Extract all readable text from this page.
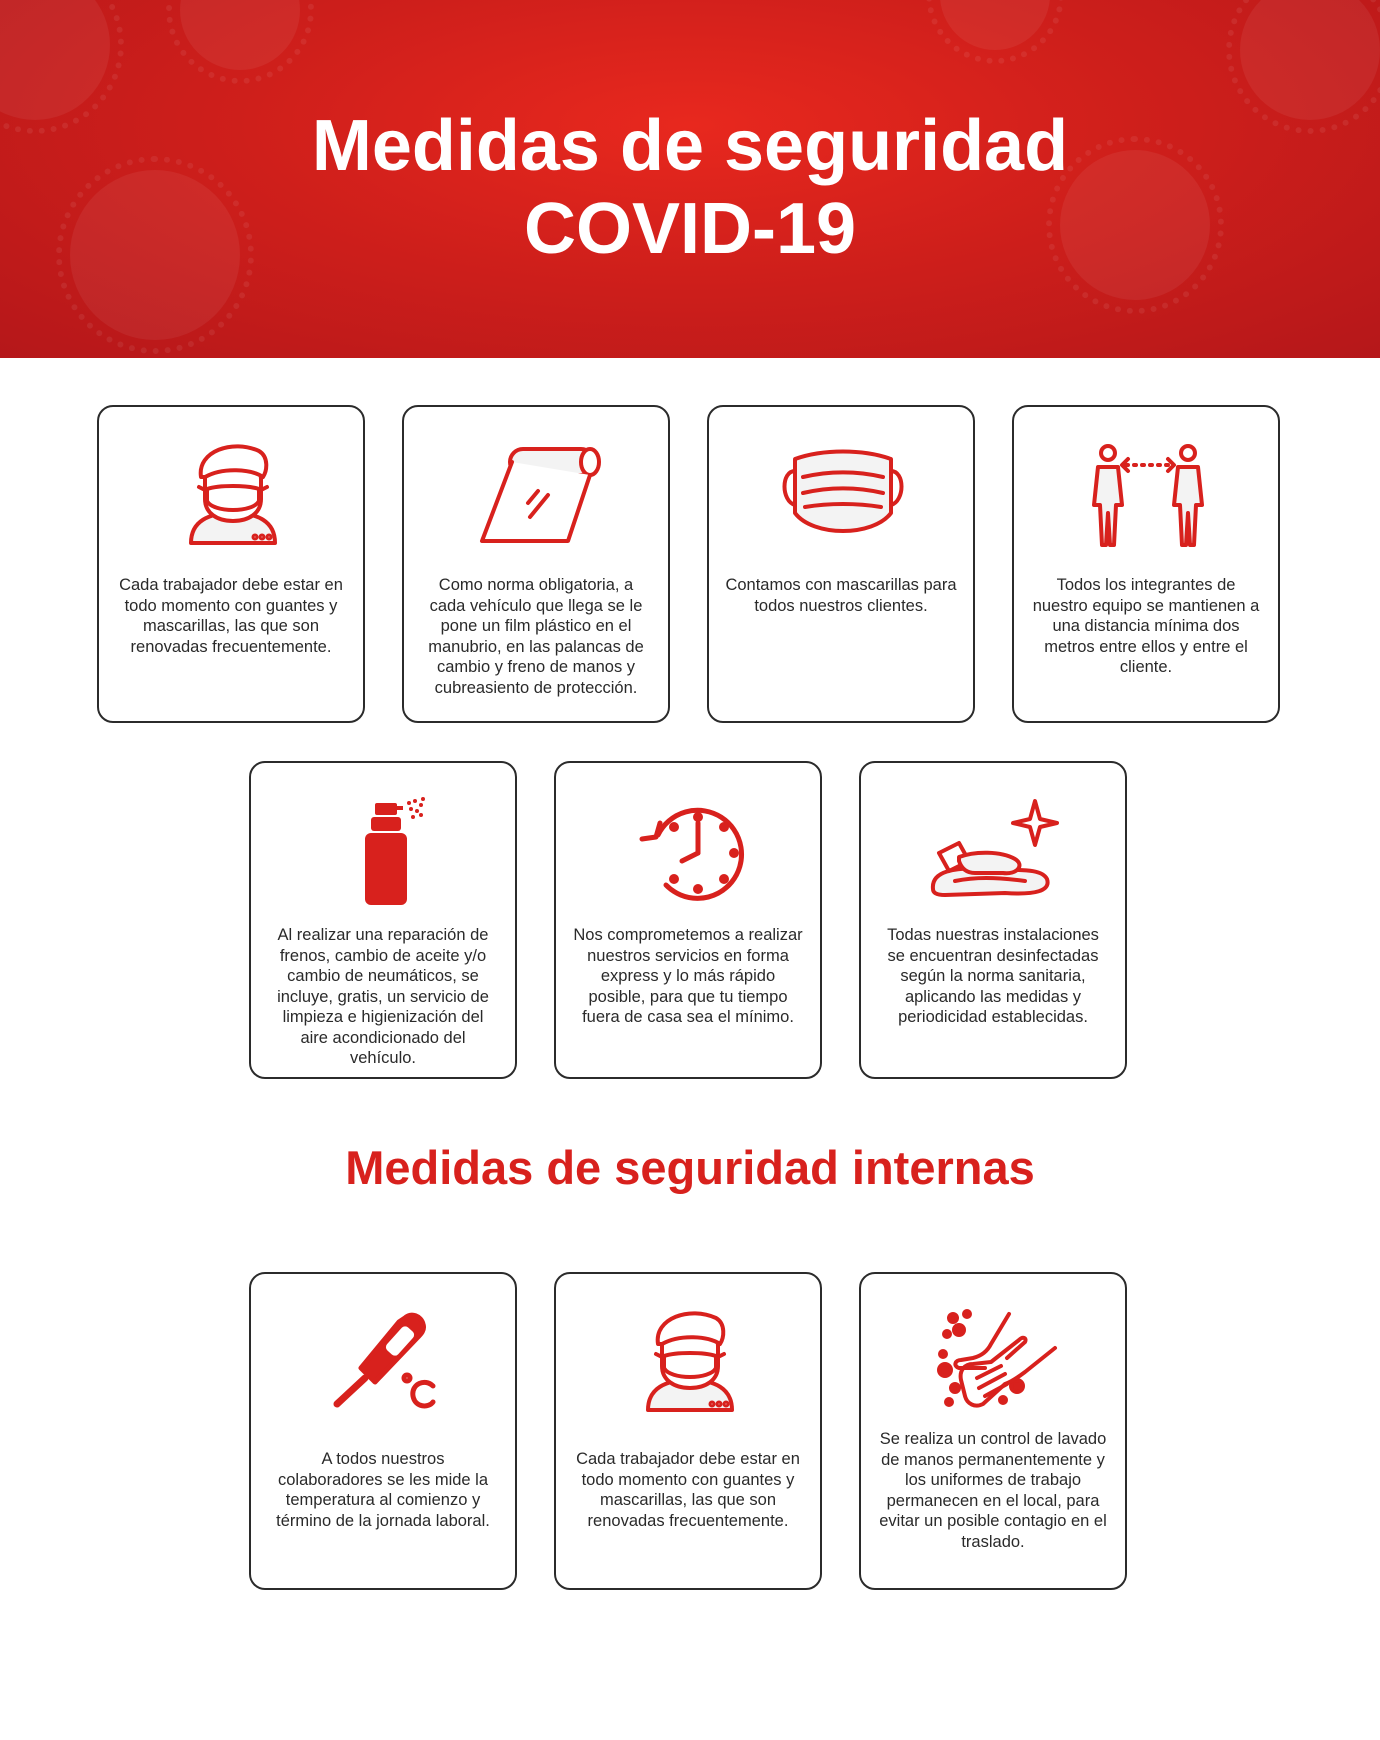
Medidas de seguridad
COVID-19

Cada trabajador debe estar en todo momento con guantes y mascarillas, las que son renovadas frecuentemente.

Como norma obligatoria, a cada vehículo que llega se le pone un film plástico en el manubrio, en las palancas de cambio y freno de manos y cubreasiento de protección.

Contamos con mascarillas para todos nuestros clientes.

Todos los integrantes de nuestro equipo se mantienen a una distancia mínima dos metros entre ellos y entre el cliente.

Al realizar una reparación de frenos, cambio de aceite y/o cambio de neumáticos, se incluye, gratis, un servicio de limpieza e higienización del aire acondicionado del vehículo.

Nos comprometemos a realizar nuestros servicios en forma express y lo más rápido posible, para que tu tiempo fuera de casa sea el mínimo.

Todas nuestras instalaciones se encuentran desinfectadas según la norma sanitaria, aplicando las medidas y periodicidad establecidas.

Medidas de seguridad internas

A todos nuestros colaboradores se les mide la temperatura al comienzo y término de la jornada laboral.

Cada trabajador debe estar en todo momento con guantes y mascarillas, las que son renovadas frecuentemente.

Se realiza un control de lavado de manos permanentemente y los uniformes de trabajo permanecen en el local, para evitar un posible contagio en el traslado.
